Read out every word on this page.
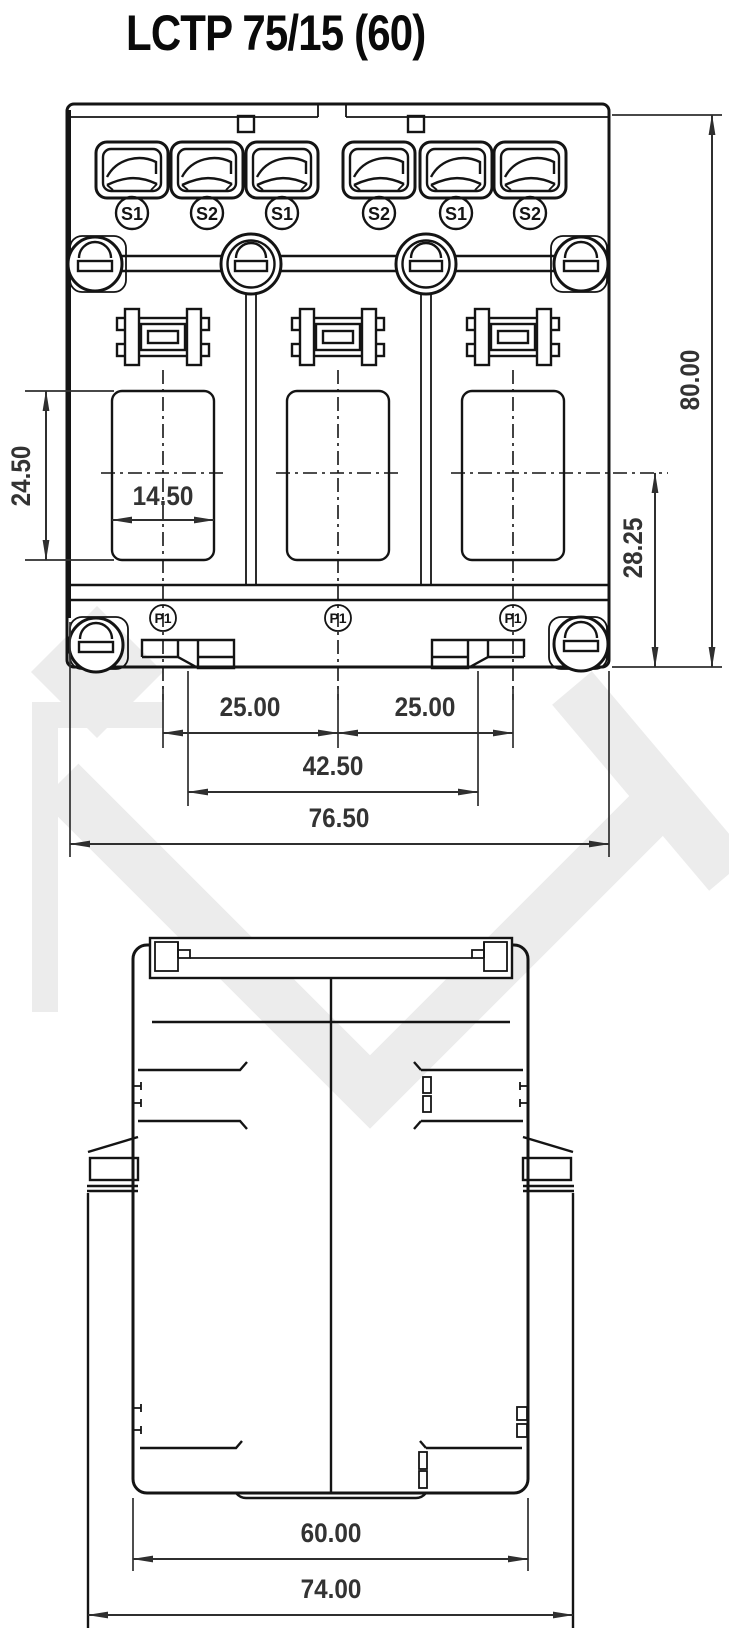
LCTP 75/15 (60)
S1	S2	S1	S2	S1	S2
P1	P1	P1
24.50	14.50
80.00
28.25
25.00	25.00
42.50
76.50
60.00
74.00
